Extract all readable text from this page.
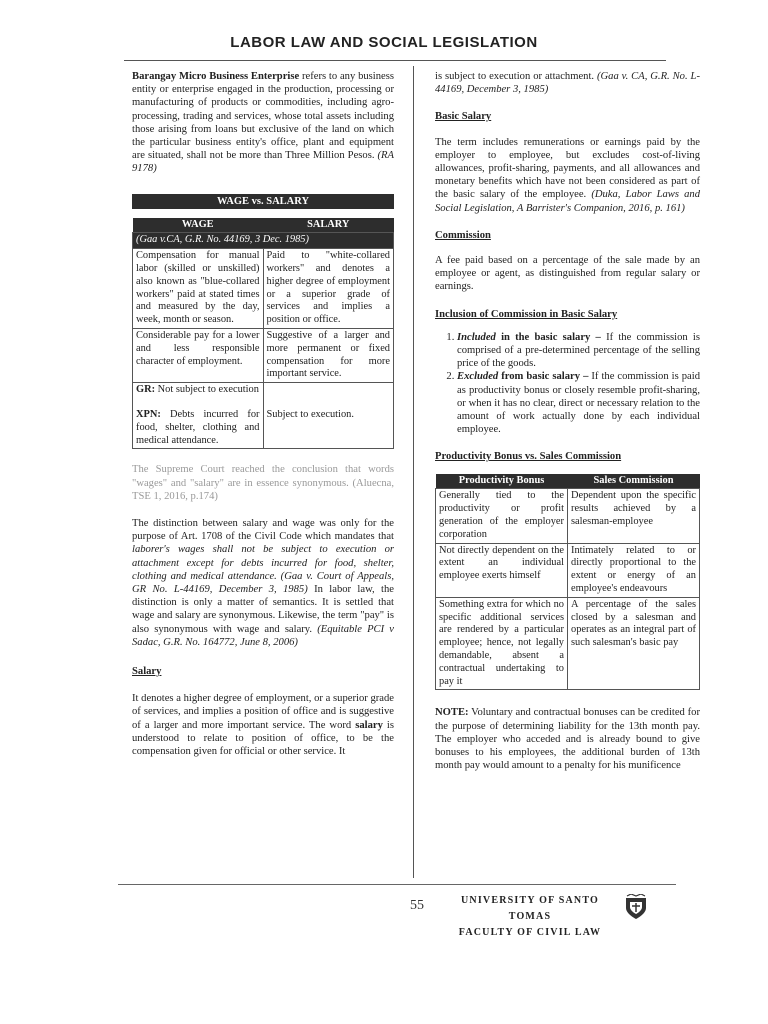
LABOR LAW AND SOCIAL LEGISLATION

Barangay Micro Business Enterprise refers to any business entity or enterprise engaged in the production, processing or manufacturing of products or commodities, including agro-processing, trading and services, whose total assets including those arising from loans but exclusive of the land on which the particular business entity's office, plant and equipment are situated, shall not be more than Three Million Pesos. (RA 9178)

WAGE vs. SALARY
WAGE	SALARY
(Gaa v.CA, G.R. No. 44169, 3 Dec. 1985)	
Compensation for manual labor (skilled or unskilled) also known as "blue-collared workers" paid at stated times and measured by the day, week, month or season.	Paid to "white-collared workers" and denotes a higher degree of employment or a superior grade of services and implies a position or office.
Considerable pay for a lower and less responsible character of employment.	Suggestive of a larger and more permanent or fixed compensation for more important service.
GR: Not subject to execution
XPN: Debts incurred for food, shelter, clothing and medical attendance.	Subject to execution.

The Supreme Court reached the conclusion that words "wages" and "salary" are in essence synonymous. (Aluecna, TSE 1, 2016, p.174)

The distinction between salary and wage was only for the purpose of Art. 1708 of the Civil Code which mandates that laborer's wages shall not be subject to execution or attachment except for debts incurred for food, shelter, clothing and medical attendance. (Gaa v. Court of Appeals, GR No. L-44169, December 3, 1985) In labor law, the distinction is only a matter of semantics. It is settled that wage and salary are synonymous. Likewise, the term "pay" is also synonymous with wage and salary. (Equitable PCI v Sadac, G.R. No. 164772, June 8, 2006)

Salary

It denotes a higher degree of employment, or a superior grade of services, and implies a position of office and is suggestive of a larger and more important service. The word salary is understood to relate to position of office, to be the compensation given for official or other service. It

is subject to execution or attachment. (Gaa v. CA, G.R. No. L-44169, December 3, 1985)

Basic Salary

The term includes remunerations or earnings paid by the employer to employee, but excludes cost-of-living allowances, profit-sharing, payments, and all allowances and monetary benefits which have not been considered as part of the basic salary of the employee. (Duka, Labor Laws and Social Legislation, A Barrister's Companion, 2016, p. 161)

Commission

A fee paid based on a percentage of the sale made by an employee or agent, as distinguished from regular salary or earnings.

Inclusion of Commission in Basic Salary

1. Included in the basic salary – If the commission is comprised of a pre-determined percentage of the selling price of the goods.
2. Excluded from basic salary – If the commission is paid as productivity bonus or closely resemble profit-sharing, or when it has no clear, direct or necessary relation to the amount of work actually done by each individual employee.

Productivity Bonus vs. Sales Commission

Productivity Bonus	Sales Commission
Generally tied to the productivity or profit generation of the employer corporation	Dependent upon the specific results achieved by a salesman-employee
Not directly dependent on the extent an individual employee exerts himself	Intimately related to or directly proportional to the extent or energy of an employee's endeavours
Something extra for which no specific additional services are rendered by a particular employee; hence, not legally demandable, absent a contractual undertaking to pay it	A percentage of the sales closed by a salesman and operates as an integral part of such salesman's basic pay

NOTE: Voluntary and contractual bonuses can be credited for the purpose of determining liability for the 13th month pay. The employer who acceded and is already bound to give bonuses to his employees, the additional burden of 13th month pay would amount to a penalty for his munificence

55	UNIVERSITY OF SANTO TOMAS
FACULTY OF CIVIL LAW
